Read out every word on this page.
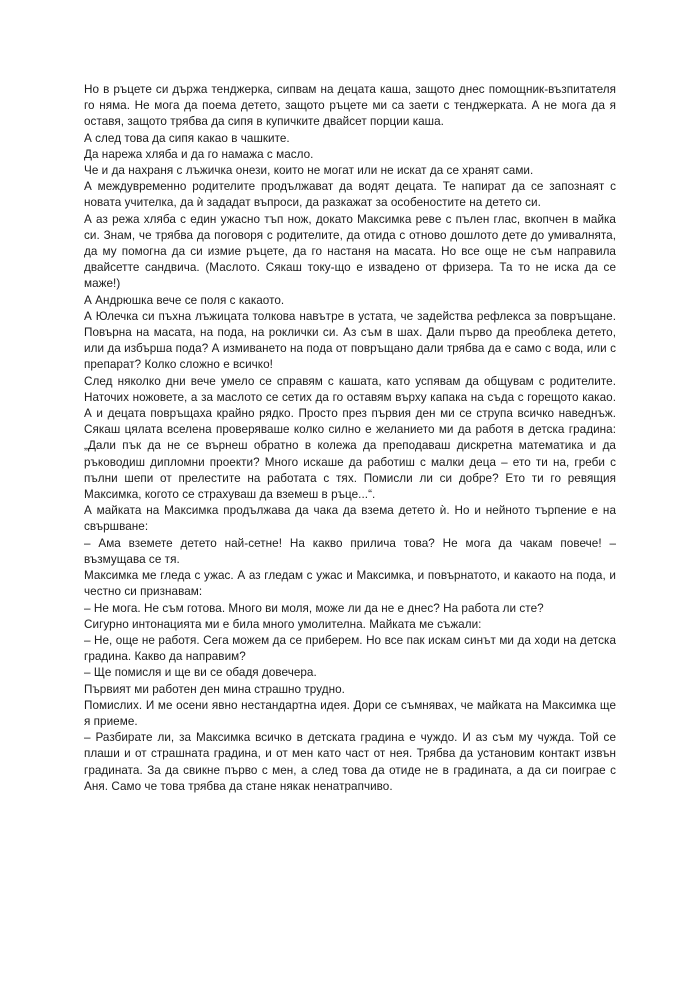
Но в ръцете си държа тенджерка, сипвам на децата каша, защото днес помощник-възпитателя го няма. Не мога да поема детето, защото ръцете ми са заети с тенджерката. А не мога да я оставя, защото трябва да сипя в купичките двайсет порции каша.

А след това да сипя какао в чашките.

Да нарежа хляба и да го намажа с масло.

Че и да нахраня с лъжичка онези, които не могат или не искат да се хранят сами.

А междувременно родителите продължават да водят децата. Те напират да се запознаят с новата учителка, да ѝ зададат въпроси, да разкажат за особеностите на детето си.

А аз режа хляба с един ужасно тъп нож, докато Максимка реве с пълен глас, вкопчен в майка си. Знам, че трябва да поговоря с родителите, да отида с отново дошлото дете до умивалнята, да му помогна да си измие ръцете, да го настаня на масата. Но все още не съм направила двайсетте сандвича. (Маслото. Сякаш току-що е извадено от фризера. Та то не иска да се маже!)

А Андрюшка вече се поля с какаото.

А Юлечка си пъхна лъжицата толкова навътре в устата, че задейства рефлекса за повръщане. Повърна на масата, на пода, на роклички си. Аз съм в шах. Дали първо да преоблека детето, или да избърша пода? А измиването на пода от повръщано дали трябва да е само с вода, или с препарат? Колко сложно е всичко!

След няколко дни вече умело се справям с кашата, като успявам да общувам с родителите. Наточих ножовете, а за маслото се сетих да го оставям върху капака на съда с горещото какао. А и децата повръщаха крайно рядко. Просто през първия ден ми се струпа всичко наведнъж. Сякаш цялата вселена проверяваше колко силно е желанието ми да работя в детска градина: „Дали пък да не се върнеш обратно в колежа да преподаваш дискретна математика и да ръководиш дипломни проекти? Много искаше да работиш с малки деца – ето ти на, греби с пълни шепи от прелестите на работата с тях. Помисли ли си добре? Ето ти го ревящия Максимка, когото се страхуваш да вземеш в ръце...“.

А майката на Максимка продължава да чака да взема детето ѝ. Но и нейното търпение е на свършване:

– Ама вземете детето най-сетне! На какво прилича това? Не мога да чакам повече! – възмущава се тя.

Максимка ме гледа с ужас. А аз гледам с ужас и Максимка, и повърнатото, и какаото на пода, и честно си признавам:

– Не мога. Не съм готова. Много ви моля, може ли да не е днес? На работа ли сте?

Сигурно интонацията ми е била много умолителна. Майката ме съжали:

– Не, още не работя. Сега можем да се приберем. Но все пак искам синът ми да ходи на детска градина. Какво да направим?

– Ще помисля и ще ви се обадя довечера.

Първият ми работен ден мина страшно трудно.

Помислих. И ме осени явно нестандартна идея. Дори се съмнявах, че майката на Максимка ще я приеме.

– Разбирате ли, за Максимка всичко в детската градина е чуждо. И аз съм му чужда. Той се плаши и от страшната градина, и от мен като част от нея. Трябва да установим контакт извън градината. За да свикне първо с мен, а след това да отиде не в градината, а да си поиграе с Аня. Само че това трябва да стане някак ненатрапчиво.
